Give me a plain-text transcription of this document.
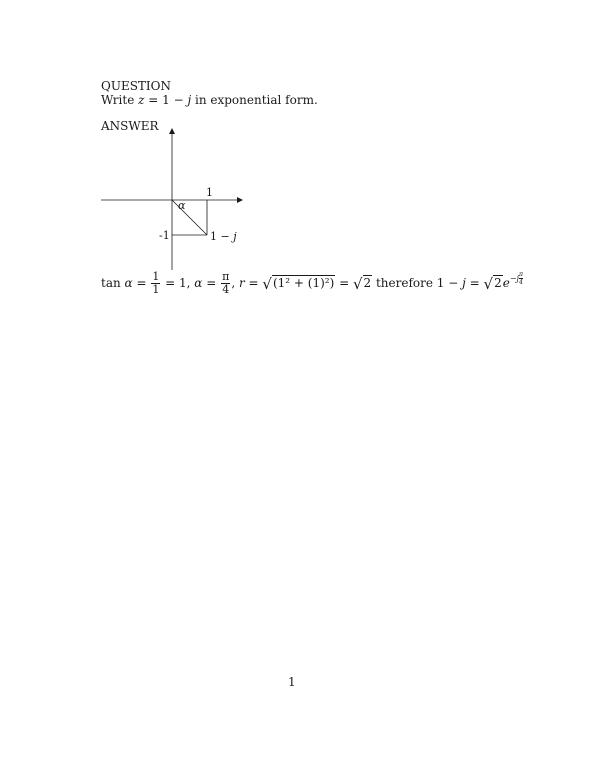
QUESTION
Write z = 1 − j in exponential form.
ANSWER
1
-1
α
1 − j
$\tan \alpha = \frac{1}{1} = 1$, $\alpha = \frac{\pi}{4}$ , r = √(1² + (1)²) = √2 therefore $1 - j = √2e^{-j \frac{\pi}{4}}$
1
